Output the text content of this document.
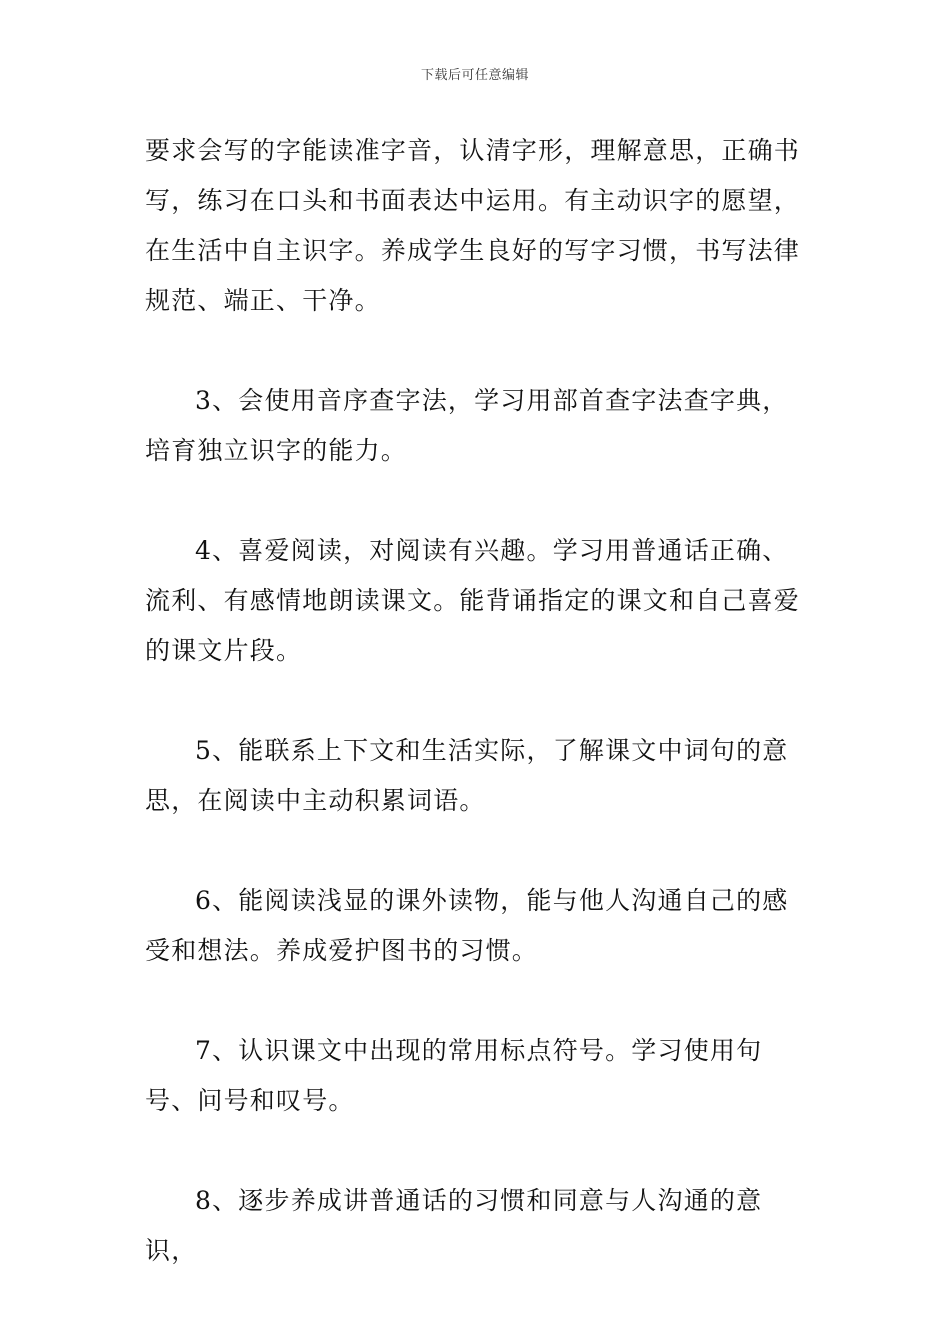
下载后可任意编辑

要求会写的字能读准字音，认清字形，理解意思，正确书写，练习在口头和书面表达中运用。有主动识字的愿望，在生活中自主识字。养成学生良好的写字习惯，书写法律规范、端正、干净。

3、会使用音序查字法，学习用部首查字法查字典，培育独立识字的能力。

4、喜爱阅读，对阅读有兴趣。学习用普通话正确、流利、有感情地朗读课文。能背诵指定的课文和自己喜爱的课文片段。

5、能联系上下文和生活实际，了解课文中词句的意思，在阅读中主动积累词语。

6、能阅读浅显的课外读物，能与他人沟通自己的感受和想法。养成爱护图书的习惯。

7、认识课文中出现的常用标点符号。学习使用句号、问号和叹号。

8、逐步养成讲普通话的习惯和同意与人沟通的意识，
